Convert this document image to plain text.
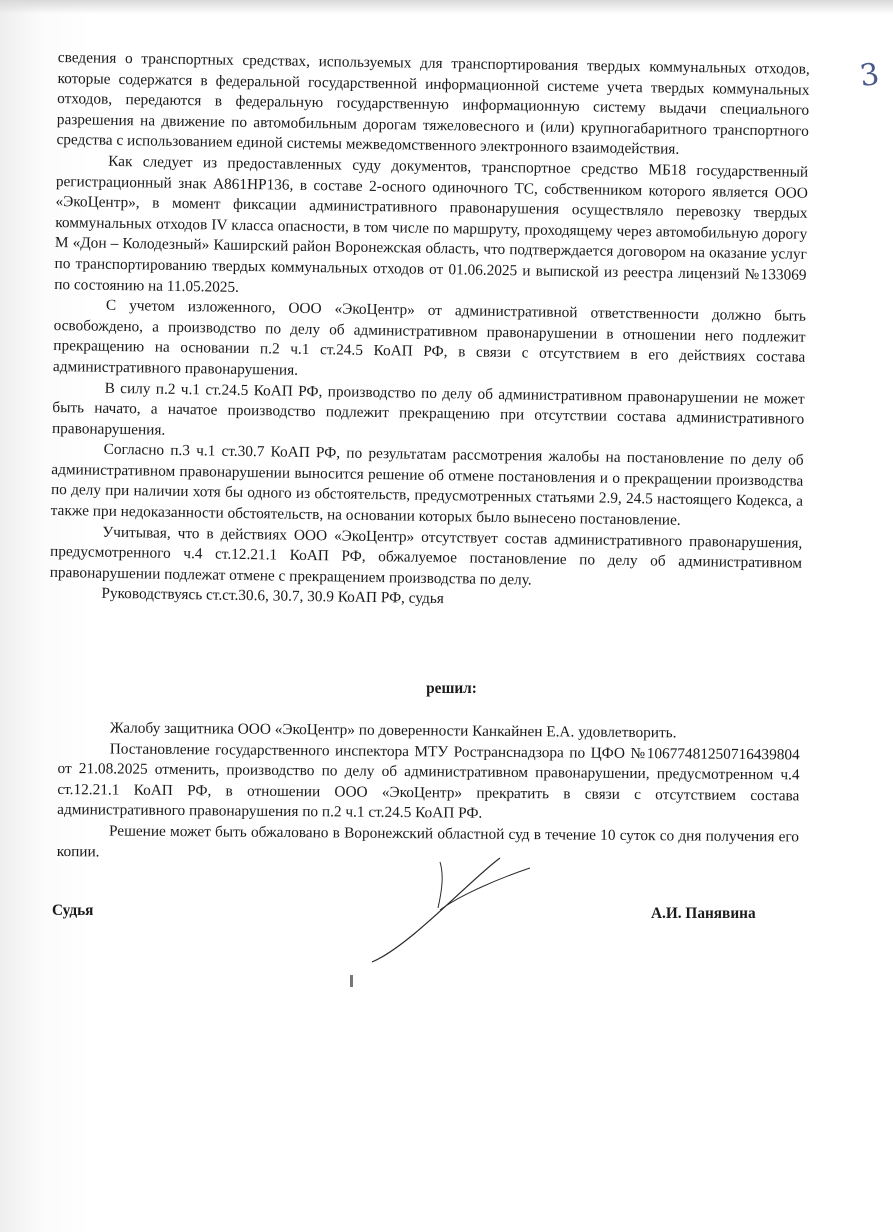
3

сведения о транспортных средствах, используемых для транспортирования твердых коммунальных отходов, которые содержатся в федеральной государственной информационной системе учета твердых коммунальных отходов, передаются в федеральную государственную информационную систему выдачи специального разрешения на движение по автомобильным дорогам тяжеловесного и (или) крупногабаритного транспортного средства с использованием единой системы межведомственного электронного взаимодействия.

Как следует из предоставленных суду документов, транспортное средство МБ18 государственный регистрационный знак А861НР136, в составе 2-осного одиночного ТС, собственником которого является ООО «ЭкоЦентр», в момент фиксации административного правонарушения осуществляло перевозку твердых коммунальных отходов IV класса опасности, в том числе по маршруту, проходящему через автомобильную дорогу М «Дон – Колодезный» Каширский район Воронежская область, что подтверждается договором на оказание услуг по транспортированию твердых коммунальных отходов от 01.06.2025 и выпиской из реестра лицензий №133069 по состоянию на 11.05.2025.

С учетом изложенного, ООО «ЭкоЦентр» от административной ответственности должно быть освобождено, а производство по делу об административном правонарушении в отношении него подлежит прекращению на основании п.2 ч.1 ст.24.5 КоАП РФ, в связи с отсутствием в его действиях состава административного правонарушения.

В силу п.2 ч.1 ст.24.5 КоАП РФ, производство по делу об административном правонарушении не может быть начато, а начатое производство подлежит прекращению при отсутствии состава административного правонарушения.

Согласно п.3 ч.1 ст.30.7 КоАП РФ, по результатам рассмотрения жалобы на постановление по делу об административном правонарушении выносится решение об отмене постановления и о прекращении производства по делу при наличии хотя бы одного из обстоятельств, предусмотренных статьями 2.9, 24.5 настоящего Кодекса, а также при недоказанности обстоятельств, на основании которых было вынесено постановление.

Учитывая, что в действиях ООО «ЭкоЦентр» отсутствует состав административного правонарушения, предусмотренного ч.4 ст.12.21.1 КоАП РФ, обжалуемое постановление по делу об административном правонарушении подлежат отмене с прекращением производства по делу.

Руководствуясь ст.ст.30.6, 30.7, 30.9 КоАП РФ, судья

решил:

Жалобу защитника ООО «ЭкоЦентр» по доверенности Канкайнен Е.А. удовлетворить.

Постановление государственного инспектора МТУ Ространснадзора по ЦФО №10677481250716439804 от 21.08.2025 отменить, производство по делу об административном правонарушении, предусмотренном ч.4 ст.12.21.1 КоАП РФ, в отношении ООО «ЭкоЦентр» прекратить в связи с отсутствием состава административного правонарушения по п.2 ч.1 ст.24.5 КоАП РФ.

Решение может быть обжаловано в Воронежский областной суд в течение 10 суток со дня получения его копии.

Судья	А.И. Панявина
